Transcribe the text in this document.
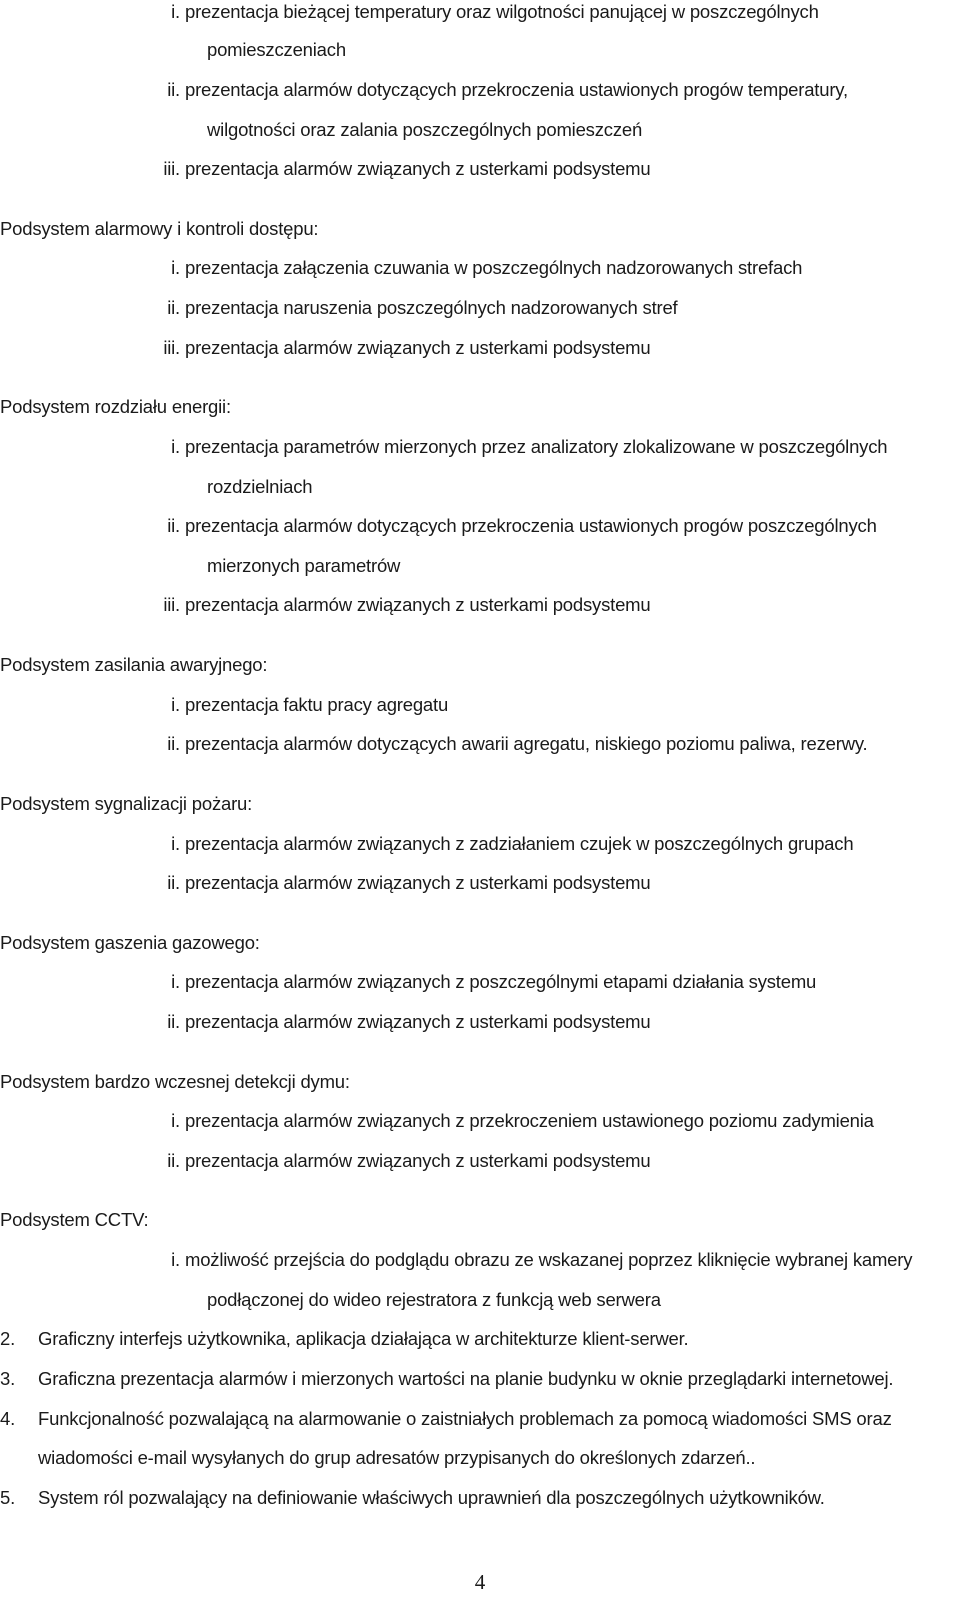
i. prezentacja bieżącej temperatury oraz wilgotności panującej w poszczególnych
pomieszczeniach
ii. prezentacja alarmów dotyczących przekroczenia ustawionych progów temperatury,
wilgotności oraz zalania poszczególnych pomieszczeń
iii. prezentacja alarmów związanych z usterkami podsystemu
Podsystem alarmowy i kontroli dostępu:
i. prezentacja załączenia czuwania w poszczególnych nadzorowanych strefach
ii. prezentacja naruszenia poszczególnych nadzorowanych stref
iii. prezentacja alarmów związanych z usterkami podsystemu
Podsystem rozdziału energii:
i. prezentacja parametrów mierzonych przez analizatory zlokalizowane w poszczególnych
rozdzielniach
ii. prezentacja alarmów dotyczących przekroczenia ustawionych progów poszczególnych
mierzonych parametrów
iii. prezentacja alarmów związanych z usterkami podsystemu
Podsystem zasilania awaryjnego:
i. prezentacja faktu pracy agregatu
ii. prezentacja alarmów dotyczących awarii agregatu, niskiego poziomu paliwa, rezerwy.
Podsystem sygnalizacji pożaru:
i. prezentacja alarmów związanych z zadziałaniem czujek w poszczególnych grupach
ii. prezentacja alarmów związanych z usterkami podsystemu
Podsystem gaszenia gazowego:
i. prezentacja alarmów związanych z poszczególnymi etapami działania systemu
ii. prezentacja alarmów związanych z usterkami podsystemu
Podsystem bardzo wczesnej detekcji dymu:
i. prezentacja alarmów związanych z przekroczeniem ustawionego poziomu zadymienia
ii. prezentacja alarmów związanych z usterkami podsystemu
Podsystem CCTV:
i. możliwość przejścia do podglądu obrazu ze wskazanej poprzez kliknięcie wybranej kamery
podłączonej do wideo rejestratora z funkcją web serwera
2. Graficzny interfejs użytkownika, aplikacja działająca w architekturze klient-serwer.
3. Graficzna prezentacja alarmów i mierzonych wartości na planie budynku w oknie przeglądarki internetowej.
4. Funkcjonalność pozwalającą na alarmowanie o zaistniałych problemach za pomocą wiadomości SMS oraz
wiadomości e-mail wysyłanych do grup adresatów przypisanych do określonych zdarzeń..
5. System ról pozwalający na definiowanie właściwych uprawnień dla poszczególnych użytkowników.
4
